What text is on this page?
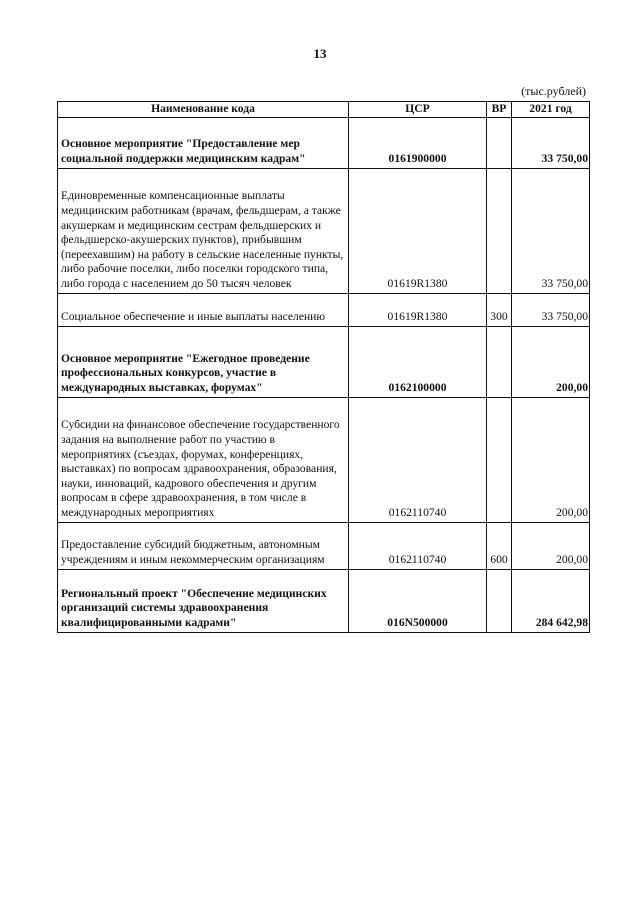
13
(тыс.рублей)
Наименование кода	ЦСР	ВР	2021 год
Основное мероприятие "Предоставление мер социальной поддержки медицинским кадрам"	0161900000		33 750,00
Единовременные компенсационные выплаты медицинским работникам (врачам, фельдшерам, а также акушеркам и медицинским сестрам фельдшерских и фельдшерско-акушерских пунктов), прибывшим (переехавшим) на работу в сельские населенные пункты, либо рабочие поселки, либо поселки городского типа, либо города с населением до 50 тысяч человек	01619R1380		33 750,00
Социальное обеспечение и иные выплаты населению	01619R1380	300	33 750,00
Основное мероприятие "Ежегодное проведение профессиональных конкурсов, участие в международных выставках, форумах"	0162100000		200,00
Субсидии на финансовое обеспечение государственного задания на выполнение работ по участию в мероприятиях (съездах, форумах, конференциях, выставках) по вопросам здравоохранения, образования, науки, инноваций, кадрового обеспечения и другим вопросам в сфере здравоохранения, в том числе в международных мероприятиях	0162110740		200,00
Предоставление субсидий бюджетным, автономным учреждениям и иным некоммерческим организациям	0162110740	600	200,00
Региональный проект "Обеспечение медицинских организаций системы здравоохранения квалифицированными кадрами"	016N500000		284 642,98
